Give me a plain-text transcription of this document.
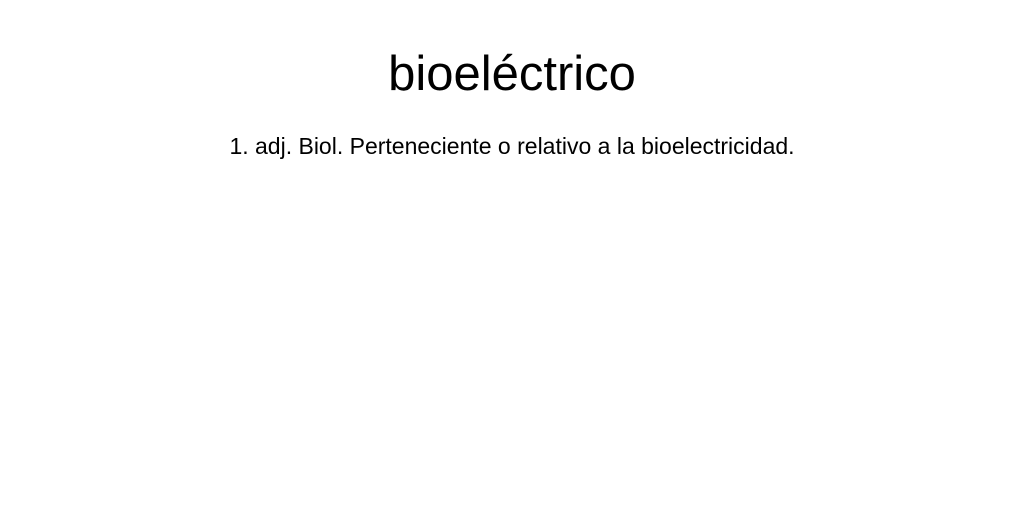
bioeléctrico

1. adj. Biol. Perteneciente o relativo a la bioelectricidad.
